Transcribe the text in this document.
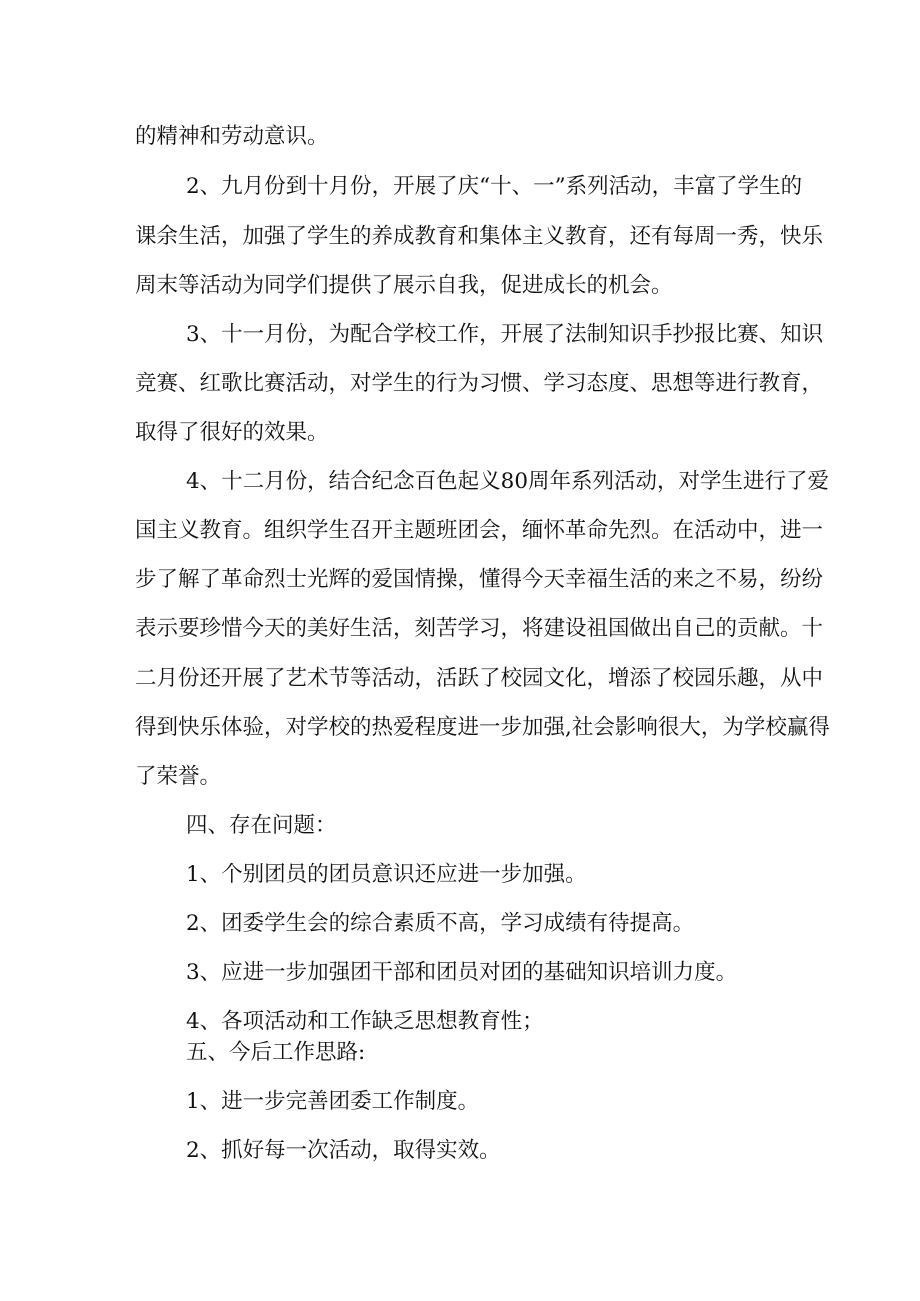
的精神和劳动意识。
2、九月份到十月份，开展了庆“十、一”系列活动，丰富了学生的
课余生活，加强了学生的养成教育和集体主义教育，还有每周一秀，快乐
周末等活动为同学们提供了展示自我，促进成长的机会。
3、十一月份，为配合学校工作，开展了法制知识手抄报比赛、知识
竞赛、红歌比赛活动，对学生的行为习惯、学习态度、思想等进行教育，
取得了很好的效果。
4、十二月份，结合纪念百色起义80周年系列活动，对学生进行了爱
国主义教育。组织学生召开主题班团会，缅怀革命先烈。在活动中，进一
步了解了革命烈士光辉的爱国情操，懂得今天幸福生活的来之不易，纷纷
表示要珍惜今天的美好生活，刻苦学习，将建设祖国做出自己的贡献。十
二月份还开展了艺术节等活动，活跃了校园文化，增添了校园乐趣，从中
得到快乐体验，对学校的热爱程度进一步加强,社会影响很大，为学校赢得
了荣誉。
四、存在问题：
1、个别团员的团员意识还应进一步加强。
2、团委学生会的综合素质不高，学习成绩有待提高。
3、应进一步加强团干部和团员对团的基础知识培训力度。
4、各项活动和工作缺乏思想教育性；
五、今后工作思路:
1、进一步完善团委工作制度。
2、抓好每一次活动，取得实效。
